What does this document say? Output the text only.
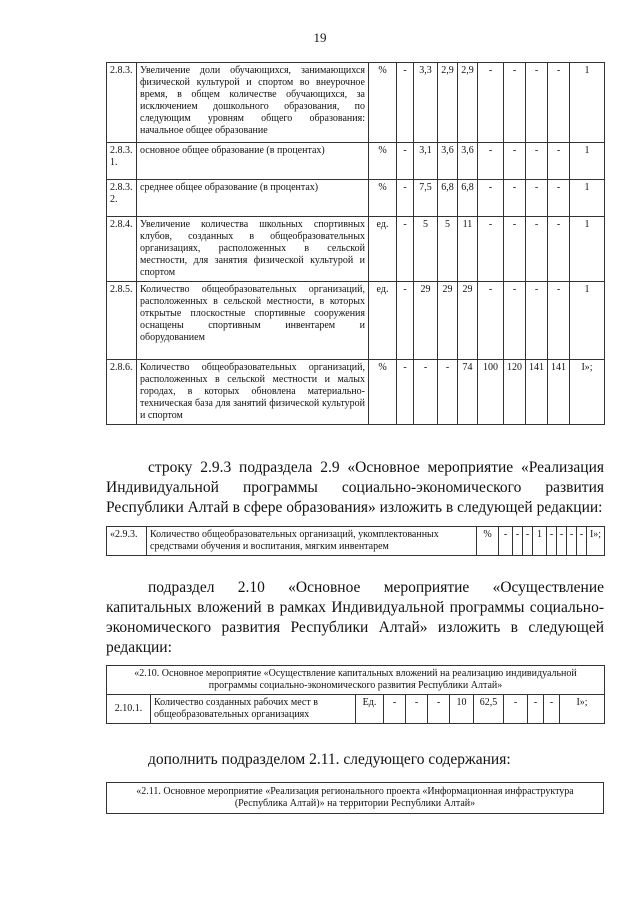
19
2.8.3.	Увеличение доли обучающихся, занимающихся физической культурой и спортом во внеурочное время, в общем количестве обучающихся, за исключением дошкольного образования, по следующим уровням общего образования: начальное общее образование	%	-	3,3	2,9	2,9	-	-	-	-	1
2.8.3. 1.	основное общее образование (в процентах)	%	-	3,1	3,6	3,6	-	-	-	-	1
2.8.3. 2.	среднее общее образование (в процентах)	%	-	7,5	6,8	6,8	-	-	-	-	1
2.8.4.	Увеличение количества школьных спортивных клубов, созданных в общеобразовательных организациях, расположенных в сельской местности, для занятия физической культурой и спортом	ед.	-	5	5	11	-	-	-	-	1
2.8.5.	Количество общеобразовательных организаций, расположенных в сельской местности, в которых открытые плоскостные спортивные сооружения оснащены спортивным инвентарем и оборудованием	ед.	-	29	29	29	-	-	-	-	1
2.8.6.	Количество общеобразовательных организаций, расположенных в сельской местности и малых городах, в которых обновлена материально-техническая база для занятий физической культурой и спортом	%	-	-	-	74	100	120	141	141	I»;
строку 2.9.3 подраздела 2.9 «Основное мероприятие «Реализация Индивидуальной программы социально-экономического развития Республики Алтай в сфере образования» изложить в следующей редакции:
«2.9.3.	Количество общеобразовательных организаций, укомплектованных средствами обучения и воспитания, мягким инвентарем	%	-	-	-	1	-	-	-	-	I»;
подраздел 2.10 «Основное мероприятие «Осуществление капитальных вложений в рамках Индивидуальной программы социально-экономического развития Республики Алтай» изложить в следующей редакции:
«2.10. Основное мероприятие «Осуществление капитальных вложений на реализацию индивидуальной программы социально-экономического развития Республики Алтай»
2.10.1.	Количество созданных рабочих мест в общеобразовательных организациях	Ед.	-	-	-	10	62,5	-	-	-	I»;
дополнить подразделом 2.11. следующего содержания:
«2.11. Основное мероприятие «Реализация регионального проекта «Информационная инфраструктура (Республика Алтай)» на территории Республики Алтай»
